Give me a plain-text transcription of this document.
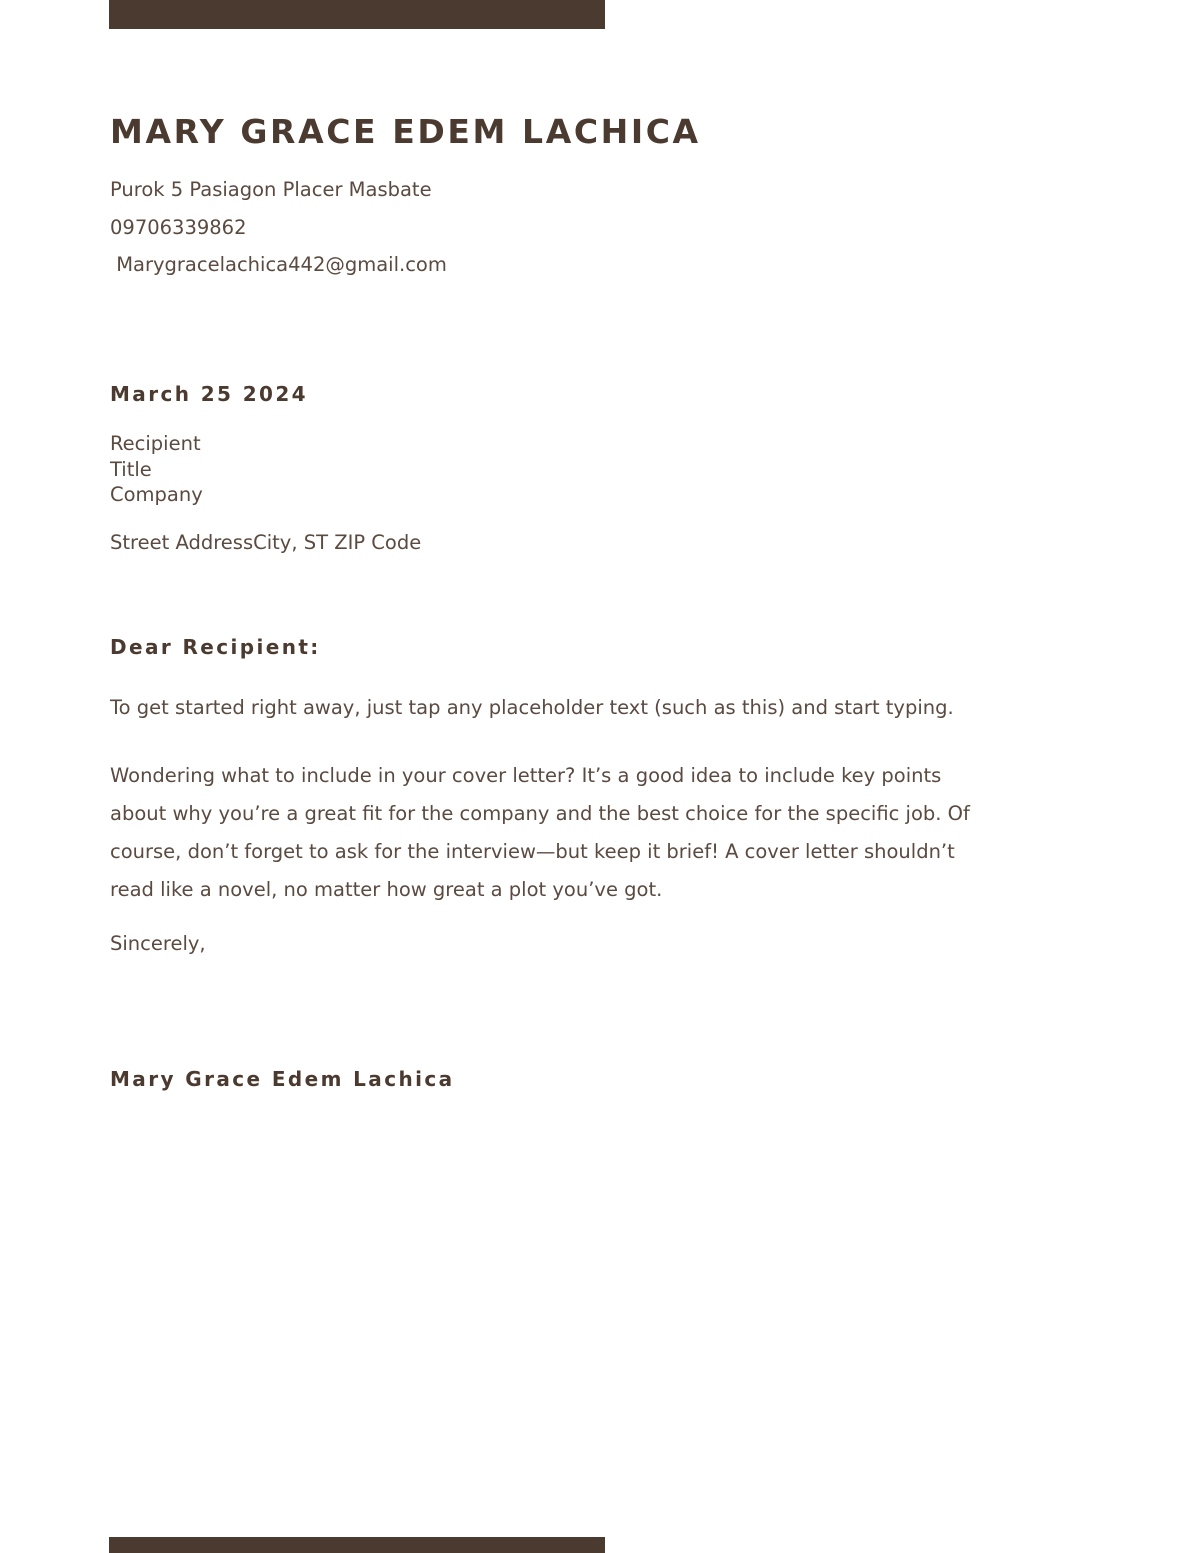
MARY GRACE EDEM LACHICA
Purok 5 Pasiagon Placer Masbate
09706339862
Marygracelachica442@gmail.com
March 25 2024
Recipient
Title
Company
Street AddressCity, ST ZIP Code
Dear Recipient:
To get started right away, just tap any placeholder text (such as this) and start typing.
Wondering what to include in your cover letter? It’s a good idea to include key points
about why you’re a great fit for the company and the best choice for the specific job. Of
course, don’t forget to ask for the interview—but keep it brief! A cover letter shouldn’t
read like a novel, no matter how great a plot you’ve got.
Sincerely,
Mary Grace Edem Lachica
